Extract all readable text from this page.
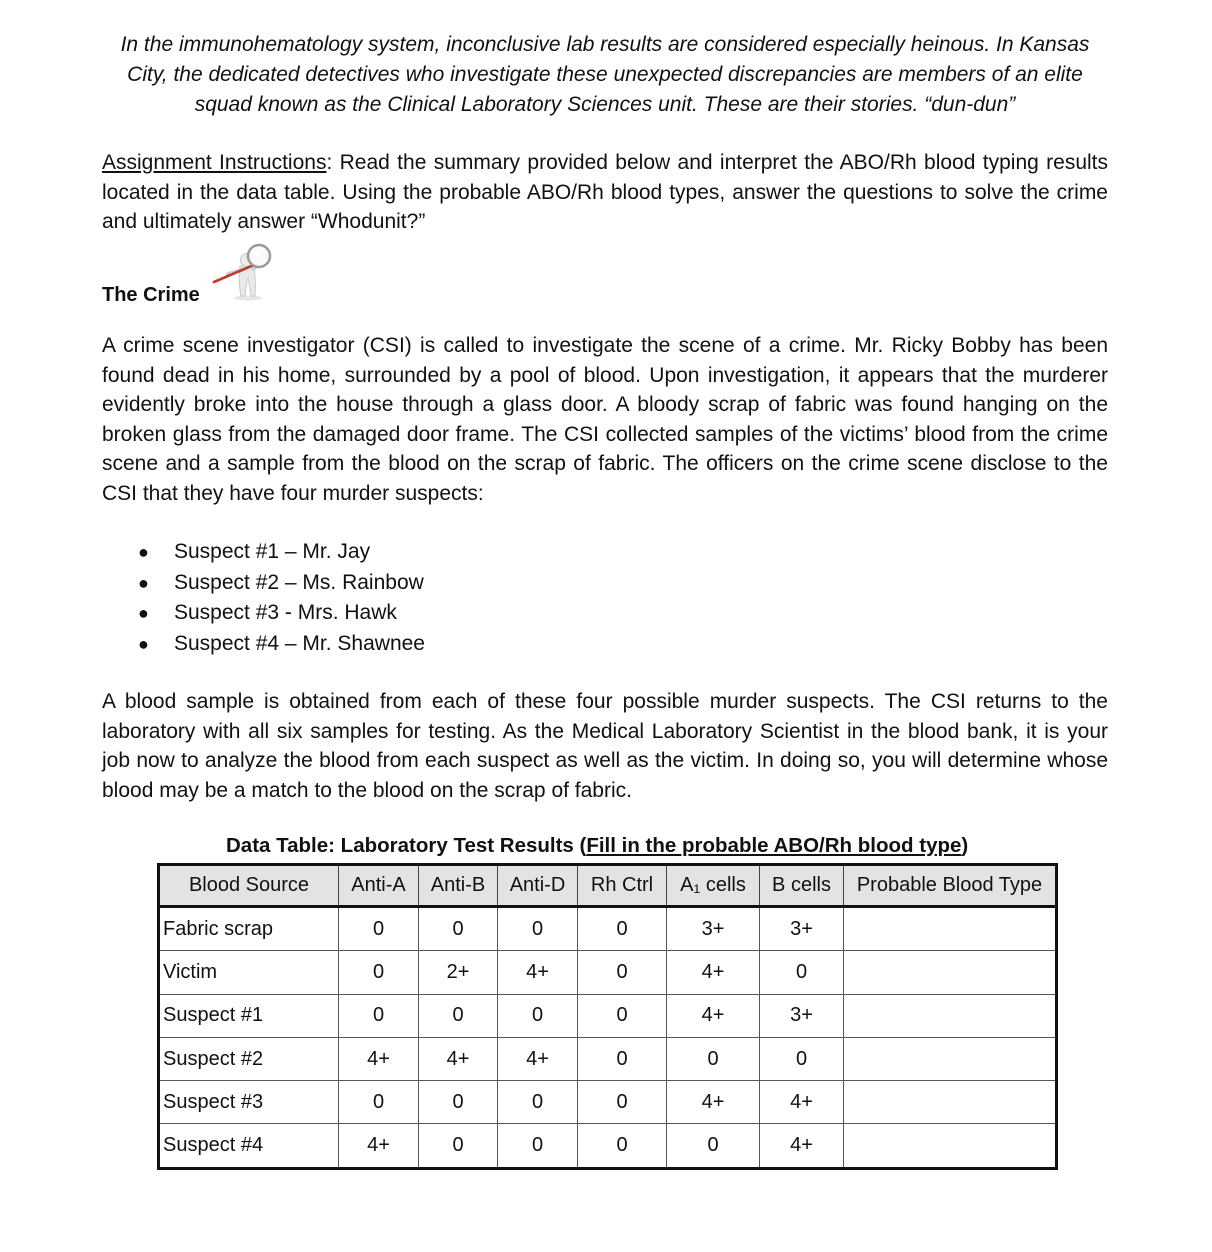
In the immunohematology system, inconclusive lab results are considered especially heinous. In Kansas City, the dedicated detectives who investigate these unexpected discrepancies are members of an elite squad known as the Clinical Laboratory Sciences unit. These are their stories. “dun-dun”
Assignment Instructions: Read the summary provided below and interpret the ABO/Rh blood typing results located in the data table. Using the probable ABO/Rh blood types, answer the questions to solve the crime and ultimately answer “Whodunit?”
The Crime
A crime scene investigator (CSI) is called to investigate the scene of a crime. Mr. Ricky Bobby has been found dead in his home, surrounded by a pool of blood. Upon investigation, it appears that the murderer evidently broke into the house through a glass door. A bloody scrap of fabric was found hanging on the broken glass from the damaged door frame. The CSI collected samples of the victims’ blood from the crime scene and a sample from the blood on the scrap of fabric. The officers on the crime scene disclose to the CSI that they have four murder suspects:
● Suspect #1 – Mr. Jay
● Suspect #2 – Ms. Rainbow
● Suspect #3 - Mrs. Hawk
● Suspect #4 – Mr. Shawnee
A blood sample is obtained from each of these four possible murder suspects. The CSI returns to the laboratory with all six samples for testing. As the Medical Laboratory Scientist in the blood bank, it is your job now to analyze the blood from each suspect as well as the victim. In doing so, you will determine whose blood may be a match to the blood on the scrap of fabric.
Data Table: Laboratory Test Results (Fill in the probable ABO/Rh blood type)
Blood Source	Anti-A	Anti-B	Anti-D	Rh Ctrl	A₁ cells	B cells	Probable Blood Type
Fabric scrap	0	0	0	0	3+	3+	
Victim	0	2+	4+	0	4+	0	
Suspect #1	0	0	0	0	4+	3+	
Suspect #2	4+	4+	4+	0	0	0	
Suspect #3	0	0	0	0	4+	4+	
Suspect #4	4+	0	0	0	0	4+	
